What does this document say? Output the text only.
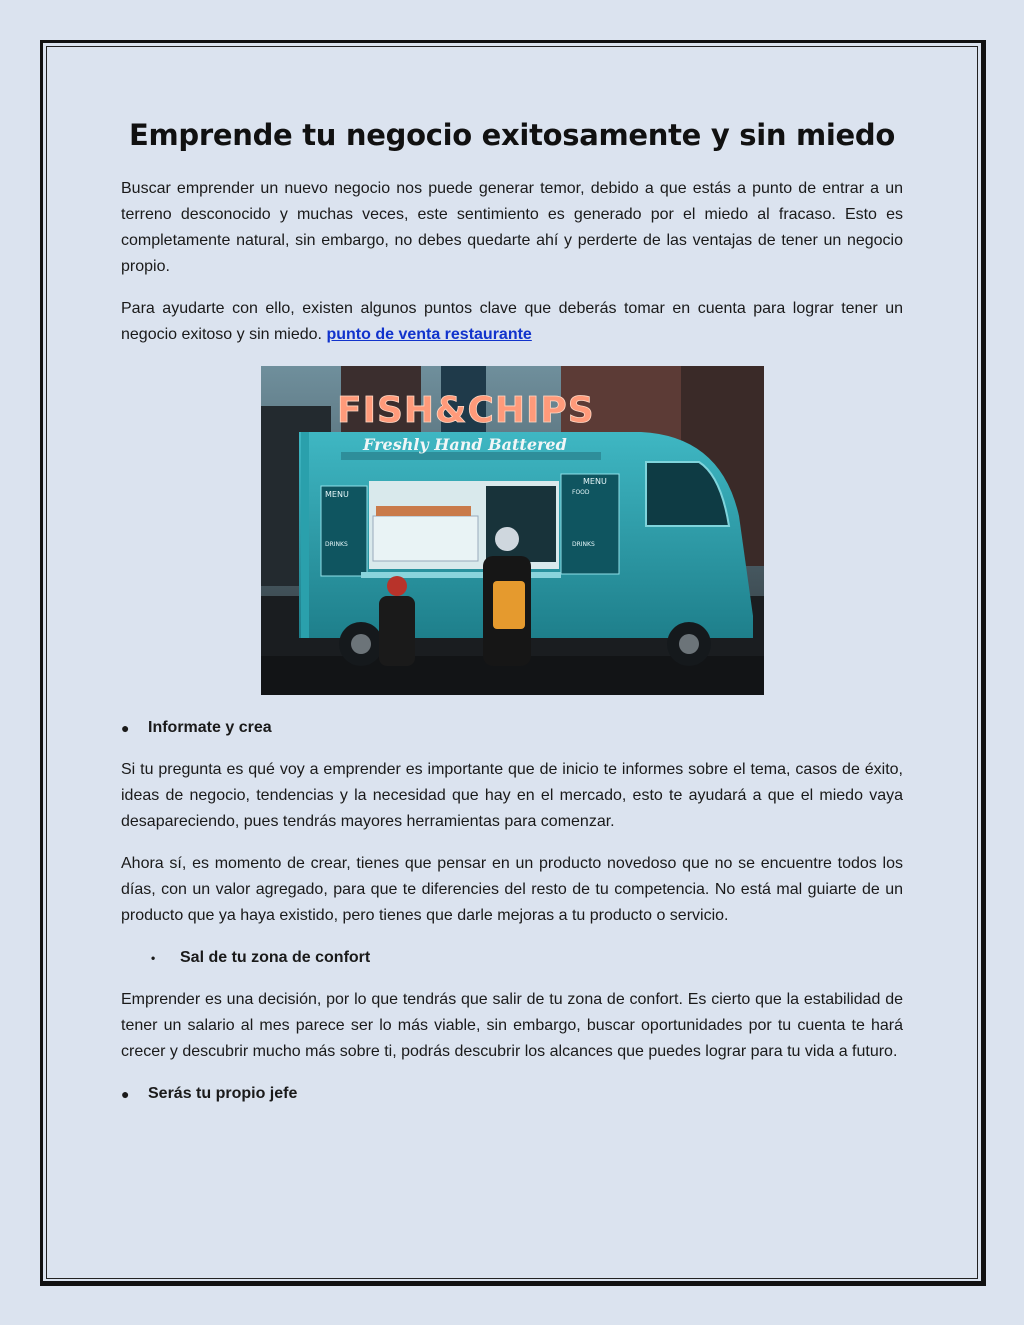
Emprende tu negocio exitosamente y sin miedo

Buscar emprender un nuevo negocio nos puede generar temor, debido a que estás a punto de entrar a un terreno desconocido y muchas veces, este sentimiento es generado por el miedo al fracaso. Esto es completamente natural, sin embargo, no debes quedarte ahí y perderte de las ventajas de tener un negocio propio.

Para ayudarte con ello, existen algunos puntos clave que deberás tomar en cuenta para lograr tener un negocio exitoso y sin miedo. punto de venta restaurante

FISH&CHIPS
Freshly Hand Battered
MENU
MENU
FOOD
DRINKS	DRINKS
●	Informate y crea

Si tu pregunta es qué voy a emprender es importante que de inicio te informes sobre el tema, casos de éxito, ideas de negocio, tendencias y la necesidad que hay en el mercado, esto te ayudará a que el miedo vaya desapareciendo, pues tendrás mayores herramientas para comenzar.

Ahora sí, es momento de crear, tienes que pensar en un producto novedoso que no se encuentre todos los días, con un valor agregado, para que te diferencies del resto de tu competencia. No está mal guiarte de un producto que ya haya existido, pero tienes que darle mejoras a tu producto o servicio.

•	Sal de tu zona de confort

Emprender es una decisión, por lo que tendrás que salir de tu zona de confort. Es cierto que la estabilidad de tener un salario al mes parece ser lo más viable, sin embargo, buscar oportunidades por tu cuenta te hará crecer y descubrir mucho más sobre ti, podrás descubrir los alcances que puedes lograr para tu vida a futuro.

●	Serás tu propio jefe
